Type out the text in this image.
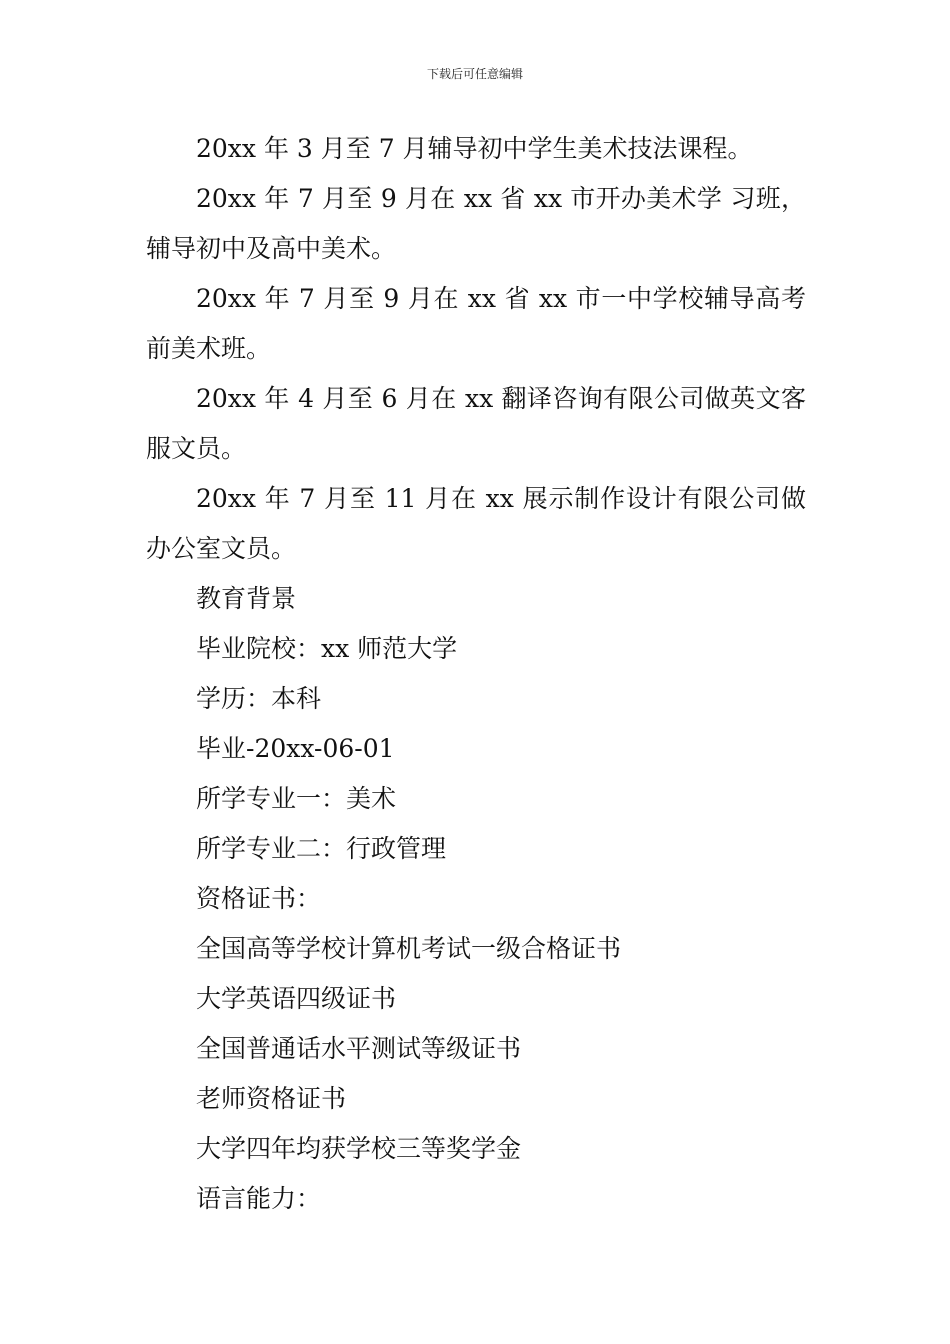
下载后可任意编辑

20xx 年 3 月至 7 月辅导初中学生美术技法课程。

20xx 年 7 月至 9 月在 xx 省 xx 市开办美术学 习班，辅导初中及高中美术。

20xx 年 7 月至 9 月在 xx 省 xx 市一中学校辅导高考前美术班。

20xx 年 4 月至 6 月在 xx 翻译咨询有限公司做英文客服文员。

20xx 年 7 月至 11 月在 xx 展示制作设计有限公司做办公室文员。

教育背景

毕业院校：xx 师范大学

学历：本科

毕业-20xx-06-01

所学专业一：美术

所学专业二：行政管理

资格证书：

全国高等学校计算机考试一级合格证书

大学英语四级证书

全国普通话水平测试等级证书

老师资格证书

大学四年均获学校三等奖学金

语言能力：
